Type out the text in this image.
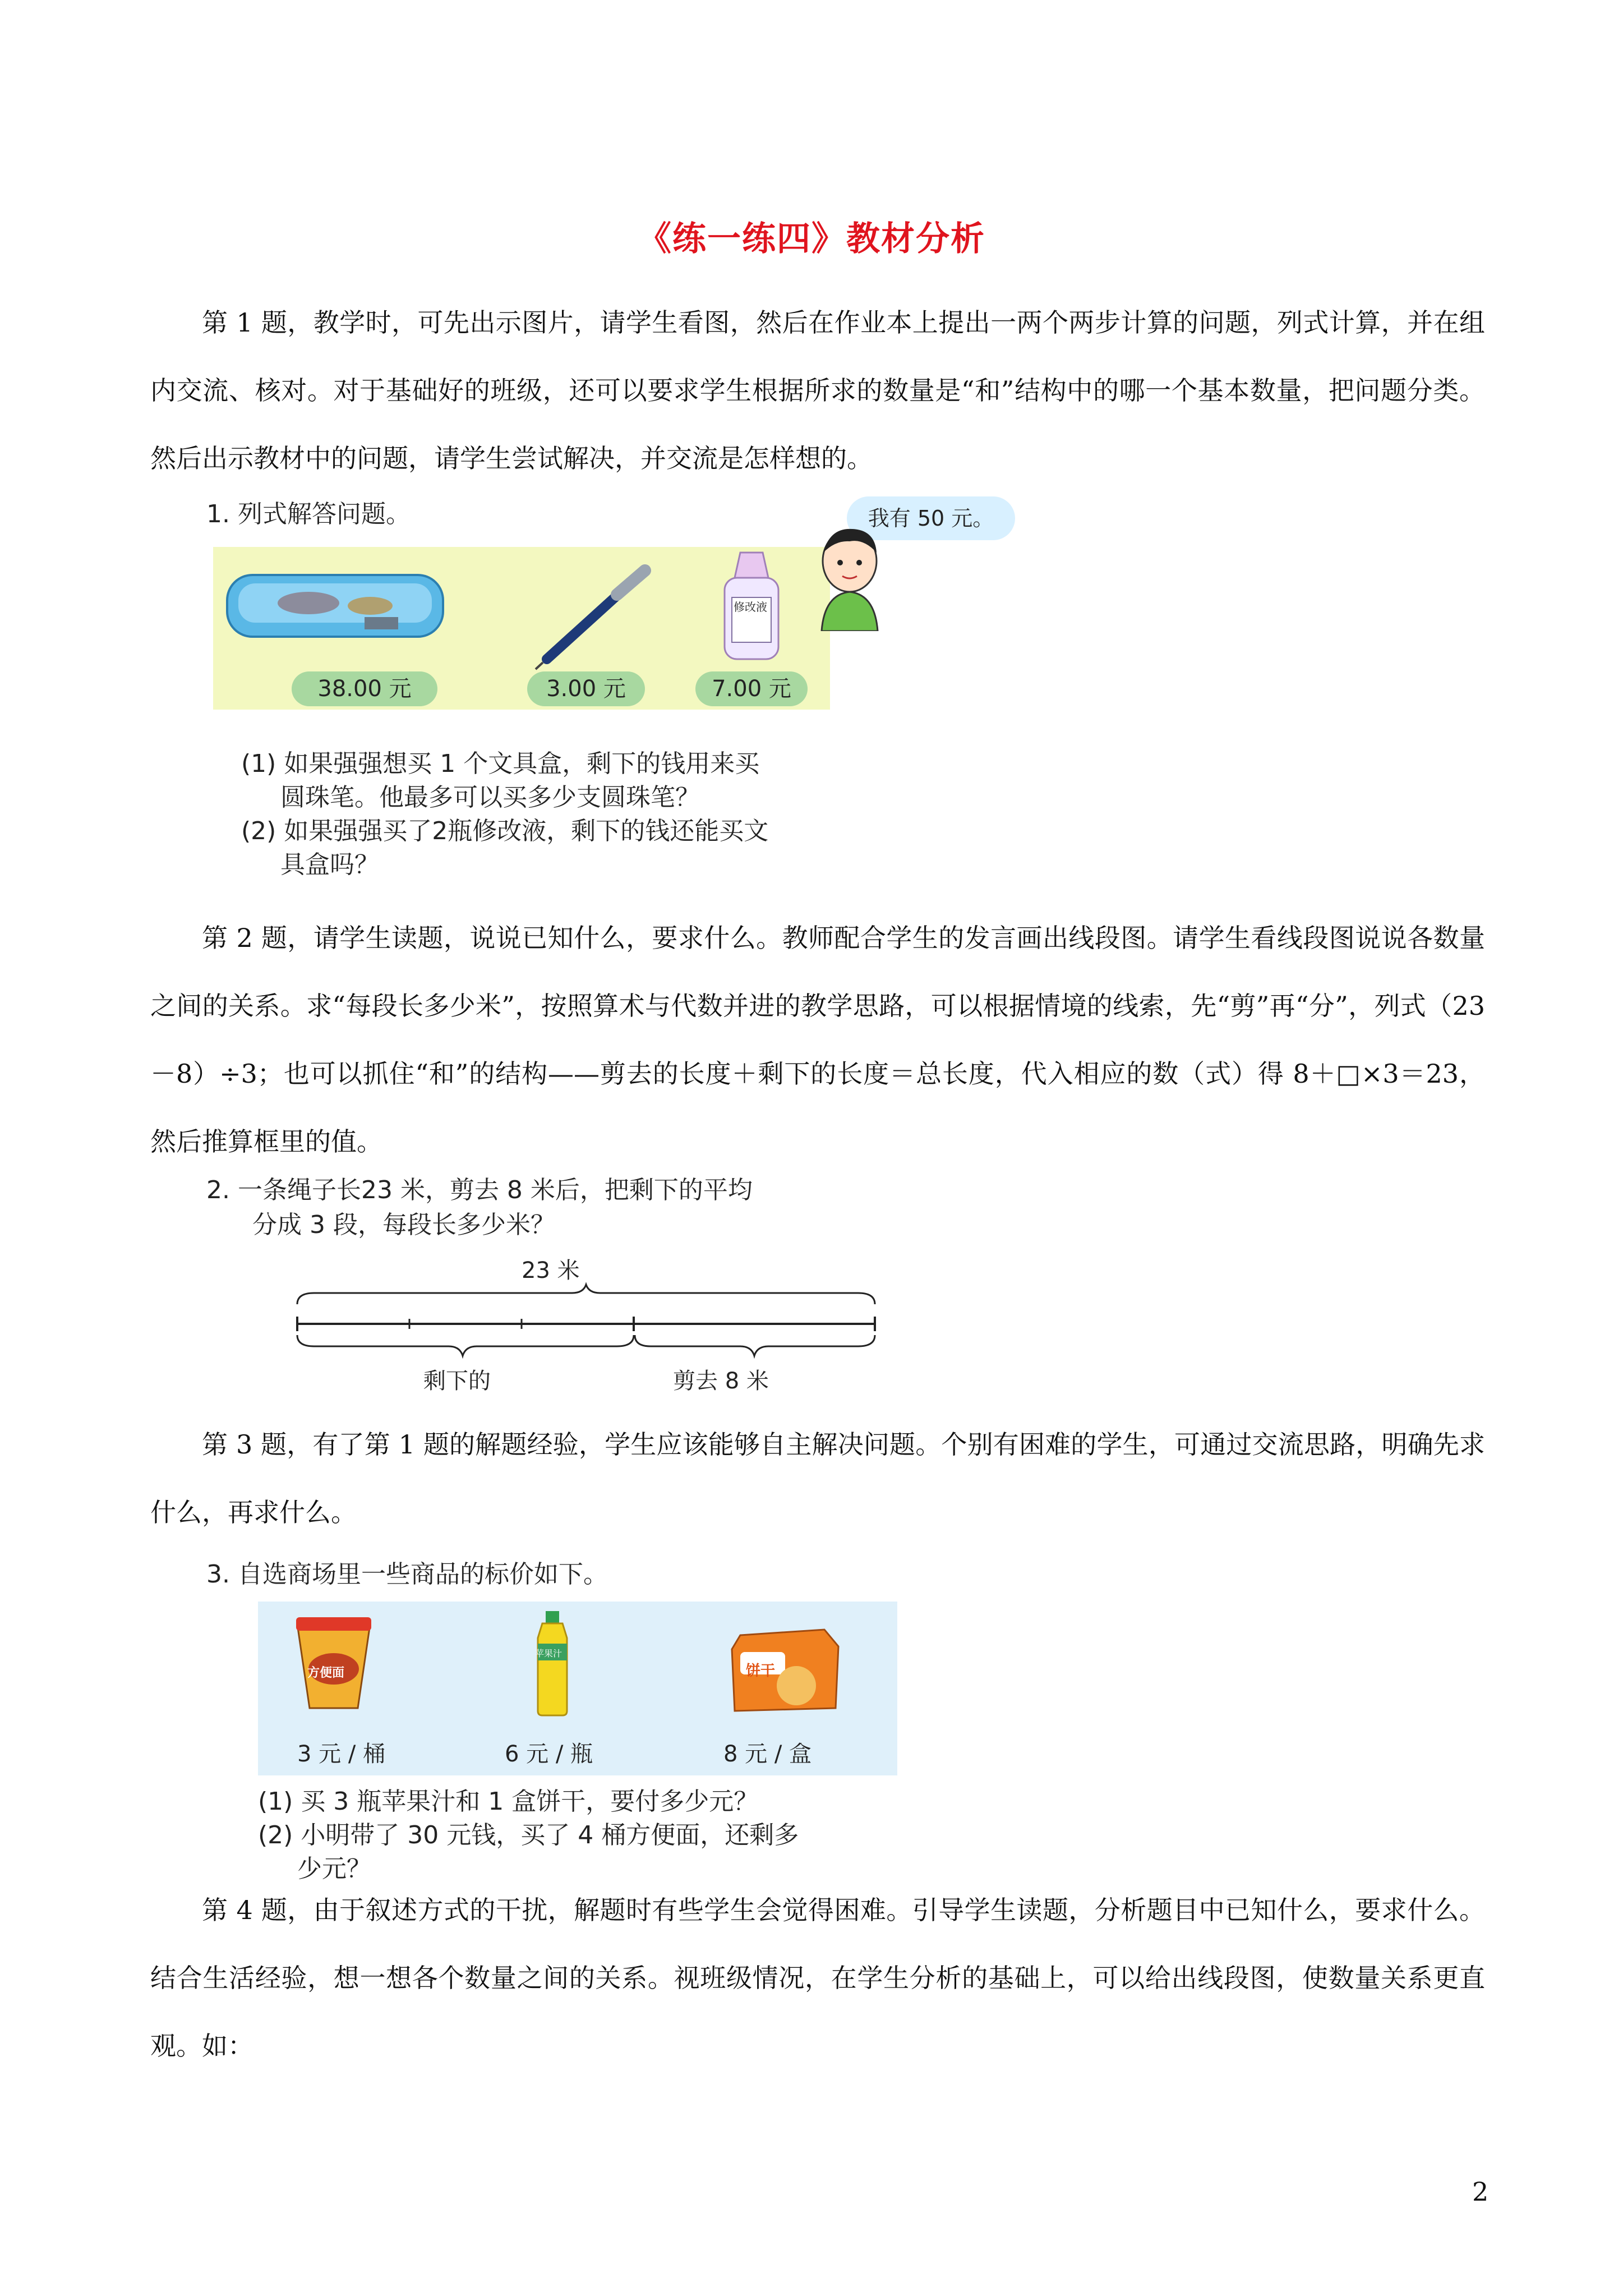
《练一练四》教材分析

第 1 题，教学时，可先出示图片，请学生看图，然后在作业本上提出一两个两步计算的问题，列式计算，并在组内交流、核对。对于基础好的班级，还可以要求学生根据所求的数量是“和”结构中的哪一个基本数量，把问题分类。然后出示教材中的问题，请学生尝试解决，并交流是怎样想的。

1. 列式解答问题。	我有 50 元。
修改液
38.00 元	3.00 元	7.00 元
(1) 如果强强想买 1 个文具盒，剩下的钱用来买
圆珠笔。他最多可以买多少支圆珠笔？
(2) 如果强强买了2瓶修改液，剩下的钱还能买文
具盒吗？

第 2 题，请学生读题，说说已知什么，要求什么。教师配合学生的发言画出线段图。请学生看线段图说说各数量之间的关系。求“每段长多少米”，按照算术与代数并进的教学思路，可以根据情境的线索，先“剪”再“分”，列式（23－8）÷3；也可以抓住“和”的结构——剪去的长度＋剩下的长度＝总长度，代入相应的数（式）得 8＋□×3＝23，然后推算框里的值。

2. 一条绳子长23 米，剪去 8 米后，把剩下的平均
分成 3 段，每段长多少米？
23 米
剩下的	剪去 8 米

第 3 题，有了第 1 题的解题经验，学生应该能够自主解决问题。个别有困难的学生，可通过交流思路，明确先求什么，再求什么。

3. 自选商场里一些商品的标价如下。
方便面
苹果汁
饼干
3 元 / 桶	6 元 / 瓶	8 元 / 盒
(1) 买 3 瓶苹果汁和 1 盒饼干，要付多少元？
(2) 小明带了 30 元钱，买了 4 桶方便面，还剩多
少元？

第 4 题，由于叙述方式的干扰，解题时有些学生会觉得困难。引导学生读题，分析题目中已知什么，要求什么。结合生活经验，想一想各个数量之间的关系。视班级情况，在学生分析的基础上，可以给出线段图，使数量关系更直观。如：

2
